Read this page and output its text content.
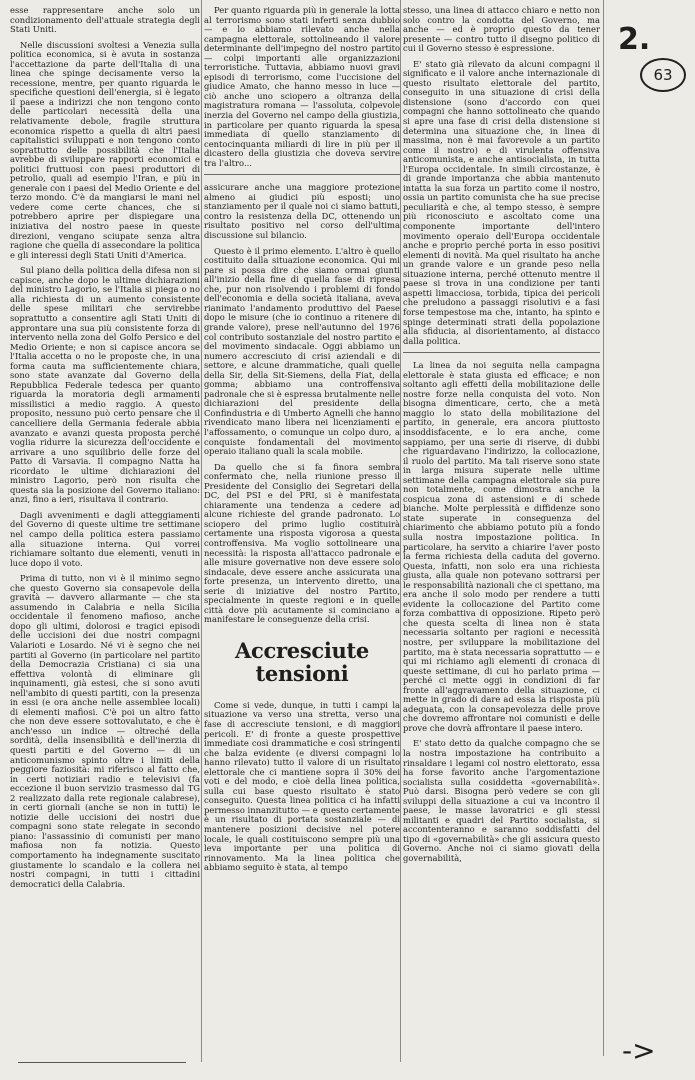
esse rappresentare anche solo un condizionamento dell'attuale strategia degli Stati Uniti.

Nelle discussioni svoltesi a Venezia sulla politica economica, si è avuta in sostanza l'accettazione da parte dell'Italia di una linea che spinge decisamente verso la recessione, mentre, per quanto riguarda le specifiche questioni dell'energia, si è legato il paese a indirizzi che non tengono conto delle particolari necessità della una relativamente debole, fragile struttura economica rispetto a quella di altri paesi capitalistici sviluppati e non tengono conto soprattutto delle possibilità che l'Italia avrebbe di sviluppare rapporti economici e politici fruttuosi con paesi produttori di petrolio, quali ad esempio l'Iran, e più in generale con i paesi del Medio Oriente e del terzo mondo. C'è da mangiarsi le mani nel vedere come certe chances, che si potrebbero aprire per dispiegare una iniziativa del nostro paese in queste direzioni, vengano sciupate senza altra ragione che quella di assecondare la politica e gli interessi degli Stati Uniti d'America.

Sul piano della politica della difesa non si capisce, anche dopo le ultime dichiarazioni del ministro Lagorio, se l'Italia si piega o no alla richiesta di un aumento consistente delle spese militari che servirebbe soprattutto a consentire agli Stati Uniti di approntare una sua più consistente forza di intervento nella zona del Golfo Persico e del Medio Oriente; e non si capisce ancora se l'Italia accetta o no le proposte che, in una forma cauta ma sufficientemente chiara, sono state avanzate dal Governo della Repubblica Federale tedesca per quanto riguarda la moratoria degli armamenti missilistici a medio raggio. A questo proposito, nessuno può certo pensare che il cancelliere della Germania federale abbia avanzato e avanzi questa proposta perché voglia ridurre la sicurezza dell'occidente e arrivare a uno squilibrio delle forze del Patto di Varsavia. Il compagno Natta ha ricordato le ultime dichiarazioni del ministro Lagorio, però non risulta che questa sia la posizione del Governo italiano: anzi, fino a ieri, risultava il contrario.

Dagli avvenimenti e dagli atteggiamenti del Governo di queste ultime tre settimane nel campo della politica estera passiamo alla situazione interna. Qui vorrei richiamare soltanto due elementi, venuti in luce dopo il voto.

Prima di tutto, non vi è il minimo segno che questo Governo sia consapevole della gravità — davvero allarmante — che sta assumendo in Calabria e nella Sicilia occidentale il fenomeno mafioso, anche dopo gli ultimi, dolorosi e tragici episodi delle uccisioni dei due nostri compagni Valarioti e Losardo. Né vi è segno che nei partiti al Governo (in particolare nel partito della Democrazia Cristiana) ci sia una effettiva volontà di eliminare gli inquinamenti, già estesi, che si sono avuti nell'ambito di questi partiti, con la presenza in essi (e ora anche nelle assemblee locali) di elementi mafiosi. C'è poi un altro fatto che non deve essere sottovalutato, e che è anch'esso un indice — oltreché della sordità, della insensibilità e dell'inerzia di questi partiti e del Governo — di un anticomunismo spinto oltre i limiti della peggiore faziosità: mi riferisco al fatto che, in certi notiziari radio e televisivi (fa eccezione il buon servizio trasmesso dal TG 2 realizzato dalla rete regionale calabrese), in certi giornali (anche se non in tutti) le notizie delle uccisioni dei nostri due compagni sono state relegate in secondo piano: l'assassinio di comunisti per mano mafiosa non fa notizia. Questo comportamento ha indegnamente suscitato giustamente lo scandalo e la collera nei nostri compagni, in tutti i cittadini democratici della Calabria.

Per quanto riguarda più in generale la lotta al terrorismo sono stati inferti senza dubbio — e lo abbiamo rilevato anche nella campagna elettorale, sottolineando il valore determinante dell'impegno del nostro partito — colpi importanti alle organizzazioni terroristiche. Tuttavia, abbiamo nuovi gravi episodi di terrorismo, come l'uccisione del giudice Amato, che hanno messo in luce — ciò anche uno sciopero a oltranza della magistratura romana — l'assoluta, colpevole inerzia del Governo nel campo della giustizia, in particolare per quanto riguarda la spesa immediata di quello stanziamento di centocinquanta miliardi di lire in più per il dicastero della giustizia che doveva servire tra l'altro...

assicurare anche una maggiore protezione almeno ai giudici più esposti; uno stanziamento per il quale noi ci siamo battuti, contro la resistenza della DC, ottenendo un risultato positivo nel corso dell'ultima discussione sul bilancio.

Questo è il primo elemento. L'altro è quello costituito dalla situazione economica. Qui mi pare si possa dire che siamo ormai giunti all'inizio della fine di quella fase di ripresa che, pur non risolvendo i problemi di fondo dell'economia e della società italiana, aveva rianimato l'andamento produttivo del Paese dopo le misure (che io continuo a ritenere di grande valore), prese nell'autunno del 1976 col contributo sostanziale del nostro partito e del movimento sindacale. Oggi abbiamo un numero accresciuto di crisi aziendali e di settore, e alcune drammatiche, quali quelle della Sir, della Sit-Siemens, della Fiat, della gomma; abbiamo una controffensiva padronale che si è espressa brutalmente nelle dichiarazioni del presidente della Confindustria e di Umberto Agnelli che hanno rivendicato mano libera nei licenziamenti e l'affossamento, o comunque un colpo duro, a conquiste fondamentali del movimento operaio italiano quali la scala mobile.

Da quello che si fa finora sembra confermato che, nella riunione presso il Presidente del Consiglio dei Segretari della DC, del PSI e del PRI, si è manifestata chiaramente una tendenza a cedere ad alcune richieste del grande padronato. Lo sciopero del primo luglio costituirà certamente una risposta vigorosa a questa controffensiva. Ma voglio sottolineare una necessità: la risposta all'attacco padronale e alle misure governative non deve essere solo sindacale, deve essere anche assicurata una forte presenza, un intervento diretto, una serie di iniziative del nostro Partito, specialmente in queste regioni e in quelle città dove più acutamente si cominciano a manifestare le conseguenze della crisi.

Accresciute
tensioni

Come si vede, dunque, in tutti i campi la situazione va verso una stretta, verso una fase di accresciute tensioni, e di maggiori pericoli. E' di fronte a queste prospettive immediate così drammatiche e così stringenti che balza evidente (e diversi compagni lo hanno rilevato) tutto il valore di un risultato elettorale che ci mantiene sopra il 30% dei voti e del modo, e cioè della linea politica, sulla cui base questo risultato è stato conseguito. Questa linea politica ci ha infatti permesso innanzitutto — e questo certamente è un risultato di portata sostanziale — di mantenere posizioni decisive nel potere locale, le quali costituiscono sempre più una leva importante per una politica di rinnovamento. Ma la linea politica che abbiamo seguito è stata, al tempo

stesso, una linea di attacco chiaro e netto non solo contro la condotta del Governo, ma anche — ed è proprio questo da tener presente — contro tutto il disegno politico di cui il Governo stesso è espressione.

E' stato già rilevato da alcuni compagni il significato e il valore anche internazionale di questo risultato elettorale del partito, conseguito in una situazione di crisi della distensione (sono d'accordo con quei compagni che hanno sottolineato che quando si apre una fase di crisi della distensione si determina una situazione che, in linea di massima, non è mai favorevole a un partito come il nostro) e di virulenta offensiva anticomunista, e anche antisocialista, in tutta l'Europa occidentale. In simili circostanze, è di grande importanza che abbia mantenuto intatta la sua forza un partito come il nostro, ossia un partito comunista che ha sue precise peculiarità e che, al tempo stesso, è sempre più riconosciuto e ascoltato come una componente importante dell'intero movimento operaio dell'Europa occidentale anche e proprio perché porta in esso positivi elementi di novità. Ma quel risultato ha anche un grande valore e un grande peso nella situazione interna, perché ottenuto mentre il paese si trova in una condizione per tanti aspetti limacciosa, torbida, tipica dei pericoli che preludono a passaggi risolutivi e a fasi forse tempestose ma che, intanto, ha spinto e spinge determinati strati della popolazione alla sfiducia, al disorientamento, al distacco dalla politica.

La linea da noi seguita nella campagna elettorale è stata giusta ed efficace; e non soltanto agli effetti della mobilitazione delle nostre forze nella conquista del voto. Non bisogna dimenticare, certo, che a metà maggio lo stato della mobilitazione del partito, in generale, era ancora piuttosto insoddisfacente, e lo era anche, come sappiamo, per una serie di riserve, di dubbi che riguardavano l'indirizzo, la collocazione, il ruolo del partito. Ma tali riserve sono state in larga misura superate nelle ultime settimane della campagna elettorale sia pure non totalmente, come dimostra anche la cospicua zona di astensioni e di schede bianche. Molte perplessità e diffidenze sono state superate in conseguenza del chiarimento che abbiamo potuto più a fondo sulla nostra impostazione politica. In particolare, ha servito a chiarire l'aver posto la ferma richiesta della caduta del governo. Questa, infatti, non solo era una richiesta giusta, alla quale non potevano sottrarsi per le responsabilità nazionali che ci spettano, ma era anche il solo modo per rendere a tutti evidente la collocazione del Partito come forza combattiva di opposizione. Ripeto però che questa scelta di linea non è stata necessaria soltanto per ragioni e necessità nostre, per sviluppare la mobilitazione del partito, ma è stata necessaria soprattutto — e qui mi richiamo agli elementi di cronaca di queste settimane, di cui ho parlato prima — perché ci mette oggi in condizioni di far fronte all'aggravamento della situazione, ci mette in grado di dare ad essa la risposta più adeguata, con la consapevolezza delle prove che dovremo affrontare noi comunisti e delle prove che dovrà affrontare il paese intero.

E' stato detto da qualche compagno che se la nostra impostazione ha contribuito a rinsaldare i legami col nostro elettorato, essa ha forse favorito anche l'argomentazione socialista sulla cosiddetta «governabilità». Può darsi. Bisogna però vedere se con gli sviluppi della situazione a cui va incontro il paese, le masse lavoratrici e gli stessi militanti e quadri del Partito socialista, si accontenteranno e saranno soddisfatti del tipo di «governabilità» che gli assicura questo Governo. Anche noi ci siamo giovati della governabilità,

2.
63
->
